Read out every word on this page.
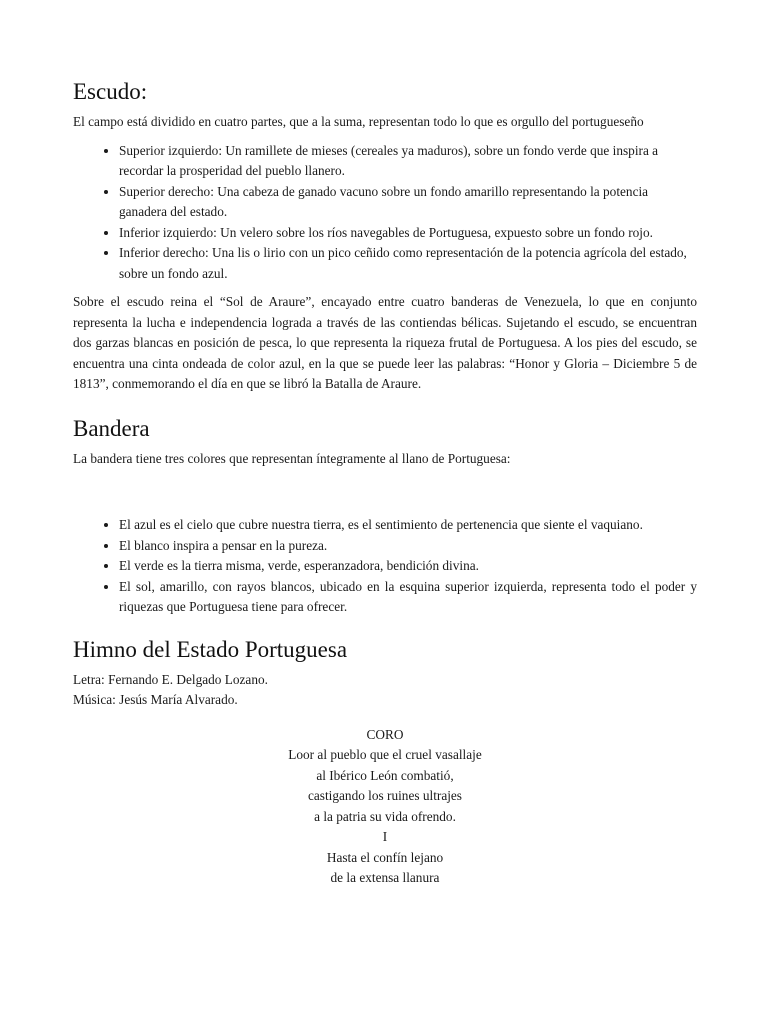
Escudo:

El campo está dividido en cuatro partes, que a la suma, representan todo lo que es orgullo del portugueseño

• Superior izquierdo: Un ramillete de mieses (cereales ya maduros), sobre un fondo verde que inspira a recordar la prosperidad del pueblo llanero.
• Superior derecho: Una cabeza de ganado vacuno sobre un fondo amarillo representando la potencia ganadera del estado.
• Inferior izquierdo: Un velero sobre los ríos navegables de Portuguesa, expuesto sobre un fondo rojo.
• Inferior derecho: Una lis o lirio con un pico ceñido como representación de la potencia agrícola del estado, sobre un fondo azul.

Sobre el escudo reina el “Sol de Araure”, encayado entre cuatro banderas de Venezuela, lo que en conjunto representa la lucha e independencia lograda a través de las contiendas bélicas. Sujetando el escudo, se encuentran dos garzas blancas en posición de pesca, lo que representa la riqueza frutal de Portuguesa. A los pies del escudo, se encuentra una cinta ondeada de color azul, en la que se puede leer las palabras: “Honor y Gloria – Diciembre 5 de 1813”, conmemorando el día en que se libró la Batalla de Araure.

Bandera

La bandera tiene tres colores que representan íntegramente al llano de Portuguesa:

• El azul es el cielo que cubre nuestra tierra, es el sentimiento de pertenencia que siente el vaquiano.
• El blanco inspira a pensar en la pureza.
• El verde es la tierra misma, verde, esperanzadora, bendición divina.
• El sol, amarillo, con rayos blancos, ubicado en la esquina superior izquierda, representa todo el poder y riquezas que Portuguesa tiene para ofrecer.
Himno del Estado Portuguesa

Letra: Fernando E. Delgado Lozano.

Música: Jesús María Alvarado.

CORO
Loor al pueblo que el cruel vasallaje
al Ibérico León combatió,
castigando los ruines ultrajes
a la patria su vida ofrendo.
I
Hasta el confín lejano
de la extensa llanura
